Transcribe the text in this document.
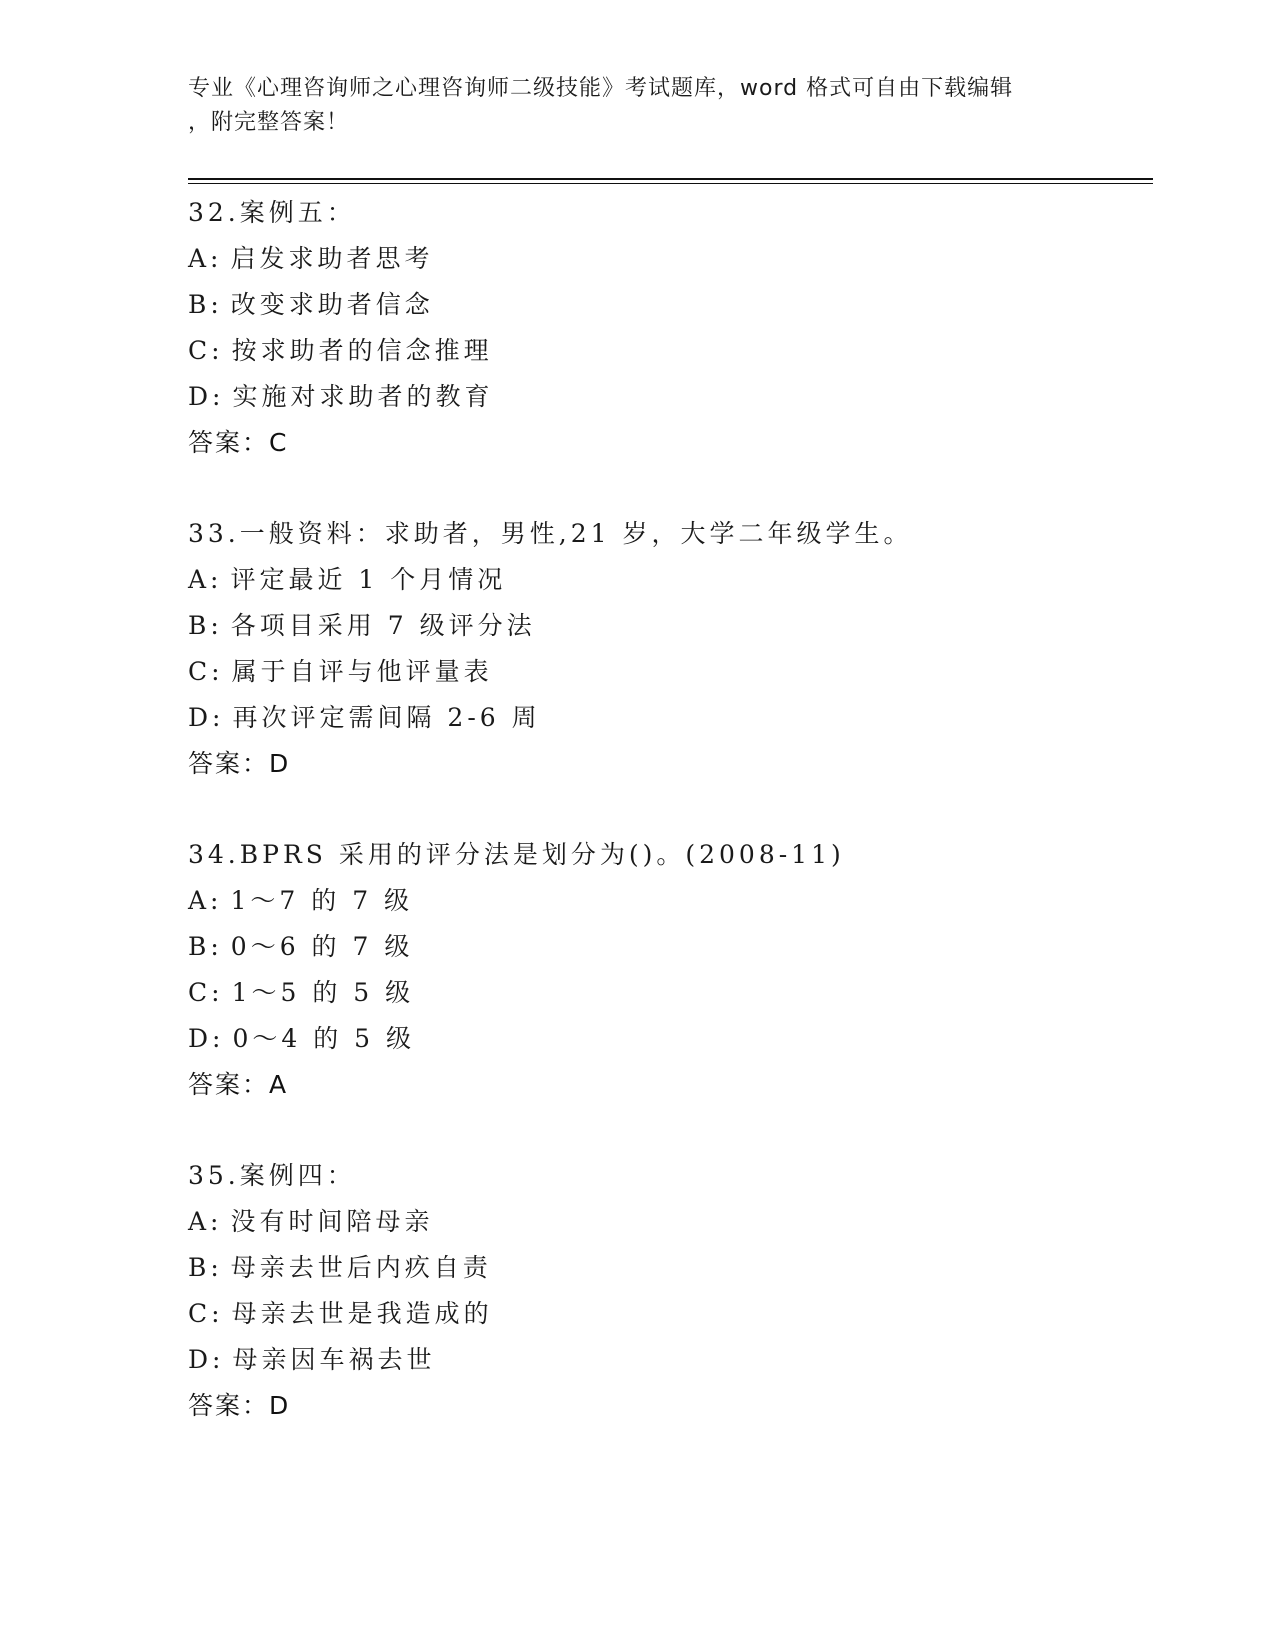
专业《心理咨询师之心理咨询师二级技能》考试题库，word 格式可自由下载编辑
，附完整答案！
32.案例五：
A: 启发求助者思考
B: 改变求助者信念
C: 按求助者的信念推理
D: 实施对求助者的教育
答案：C
33.一般资料：求助者，男性,21 岁，大学二年级学生。
A: 评定最近 1 个月情况
B: 各项目采用 7 级评分法
C: 属于自评与他评量表
D: 再次评定需间隔 2-6 周
答案：D
34.BPRS 采用的评分法是划分为()。(2008-11)
A: 1～7 的 7 级
B: 0～6 的 7 级
C: 1～5 的 5 级
D: 0～4 的 5 级
答案：A
35.案例四：
A: 没有时间陪母亲
B: 母亲去世后内疚自责
C: 母亲去世是我造成的
D: 母亲因车祸去世
答案：D
